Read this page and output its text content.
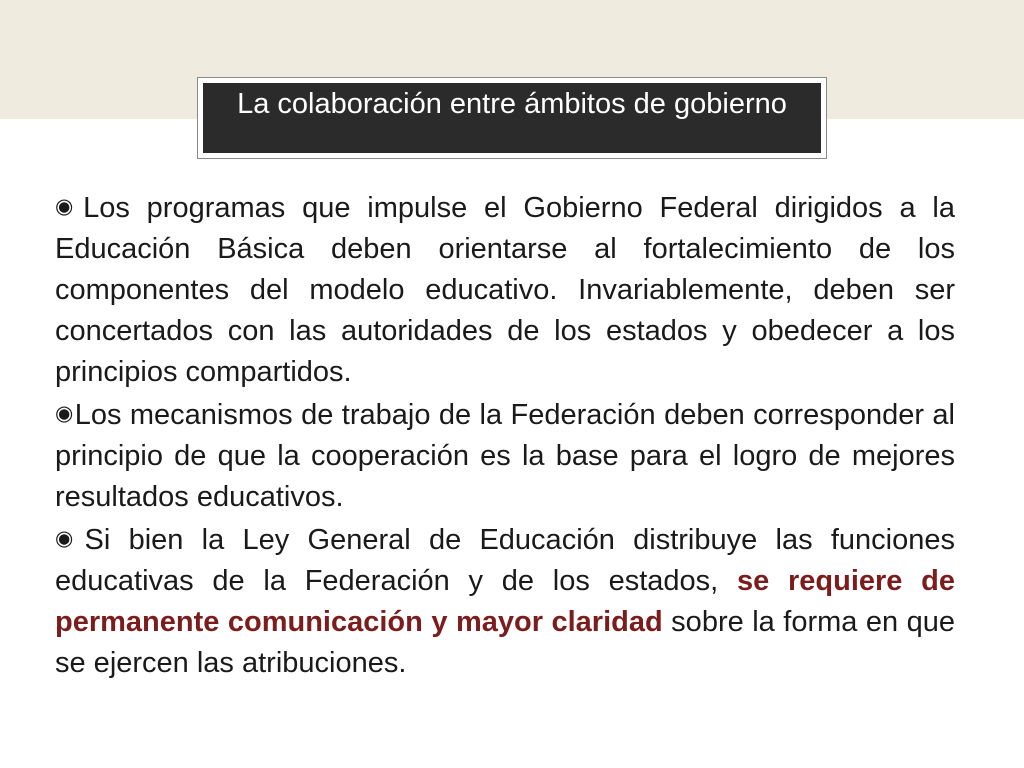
La colaboración entre ámbitos de gobierno

◉Los programas que impulse el Gobierno Federal dirigidos a la Educación Básica deben orientarse al fortalecimiento de los componentes del modelo educativo. Invariablemente, deben ser concertados con las autoridades de los estados y obedecer a los principios compartidos.

◉Los mecanismos de trabajo de la Federación deben corresponder al principio de que la cooperación es la base para el logro de mejores resultados educativos.

◉Si bien la Ley General de Educación distribuye las funciones educativas de la Federación y de los estados, se requiere de permanente comunicación y mayor claridad sobre la forma en que se ejercen las atribuciones.
